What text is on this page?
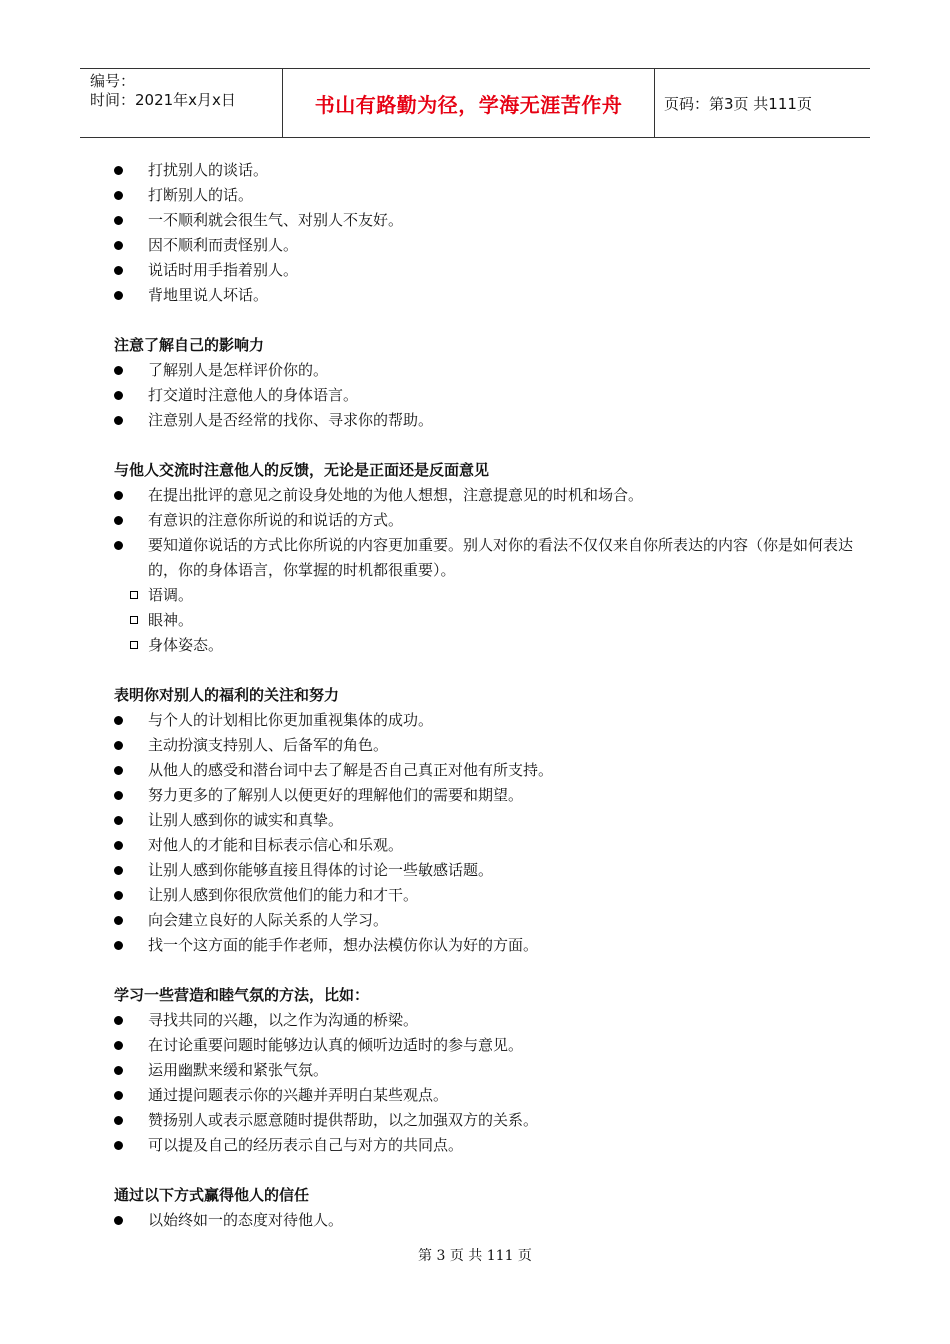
编号：
时间：2021年x月x日	书山有路勤为径，学海无涯苦作舟	页码：第3页 共111页
打扰别人的谈话。
打断别人的话。
一不顺利就会很生气、对别人不友好。
因不顺利而责怪别人。
说话时用手指着别人。
背地里说人坏话。
注意了解自己的影响力
了解别人是怎样评价你的。
打交道时注意他人的身体语言。
注意别人是否经常的找你、寻求你的帮助。
与他人交流时注意他人的反馈，无论是正面还是反面意见
在提出批评的意见之前设身处地的为他人想想，注意提意见的时机和场合。
有意识的注意你所说的和说话的方式。
要知道你说话的方式比你所说的内容更加重要。别人对你的看法不仅仅来自你所表达的内容（你是如何表达的，你的身体语言，你掌握的时机都很重要）。
语调。
眼神。
身体姿态。
表明你对别人的福利的关注和努力
与个人的计划相比你更加重视集体的成功。
主动扮演支持别人、后备军的角色。
从他人的感受和潜台词中去了解是否自己真正对他有所支持。
努力更多的了解别人以便更好的理解他们的需要和期望。
让别人感到你的诚实和真挚。
对他人的才能和目标表示信心和乐观。
让别人感到你能够直接且得体的讨论一些敏感话题。
让别人感到你很欣赏他们的能力和才干。
向会建立良好的人际关系的人学习。
找一个这方面的能手作老师，想办法模仿你认为好的方面。
学习一些营造和睦气氛的方法，比如：
寻找共同的兴趣，以之作为沟通的桥梁。
在讨论重要问题时能够边认真的倾听边适时的参与意见。
运用幽默来缓和紧张气氛。
通过提问题表示你的兴趣并弄明白某些观点。
赞扬别人或表示愿意随时提供帮助，以之加强双方的关系。
可以提及自己的经历表示自己与对方的共同点。
通过以下方式赢得他人的信任
以始终如一的态度对待他人。
第 3 页 共 111 页
